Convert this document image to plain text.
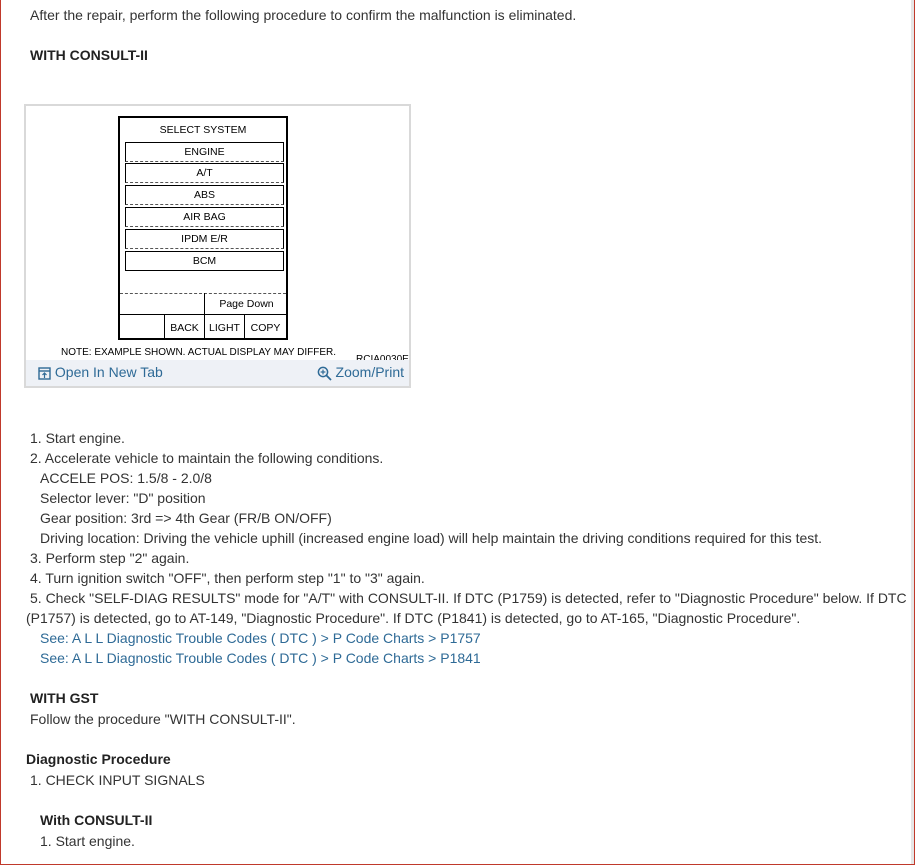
After the repair, perform the following procedure to confirm the malfunction is eliminated.
WITH CONSULT-II
SELECT SYSTEM
ENGINE
A/T
ABS
AIR BAG
IPDM E/R
BCM
Page Down
BACK LIGHT	COPY
NOTE: EXAMPLE SHOWN. ACTUAL DISPLAY MAY DIFFER.
Open In New Tab	Zoom/Print
1. Start engine.
2. Accelerate vehicle to maintain the following conditions.
ACCELE POS: 1.5/8 - 2.0/8
Selector lever: "D" position
Gear position: 3rd => 4th Gear (FR/B ON/OFF)
Driving location: Driving the vehicle uphill (increased engine load) will help maintain the driving conditions required for this test.
3. Perform step "2" again.
4. Turn ignition switch "OFF", then perform step "1" to "3" again.
5. Check "SELF-DIAG RESULTS" mode for "A/T" with CONSULT-II. If DTC (P1759) is detected, refer to "Diagnostic Procedure" below. If DTC
(P1757) is detected, go to AT-149, "Diagnostic Procedure". If DTC (P1841) is detected, go to AT-165, "Diagnostic Procedure".
See: A L L Diagnostic Trouble Codes ( DTC ) > P Code Charts > P1757
See: A L L Diagnostic Trouble Codes ( DTC ) > P Code Charts > P1841
WITH GST
Follow the procedure "WITH CONSULT-II".
Diagnostic Procedure
1. CHECK INPUT SIGNALS
With CONSULT-II
1. Start engine.
